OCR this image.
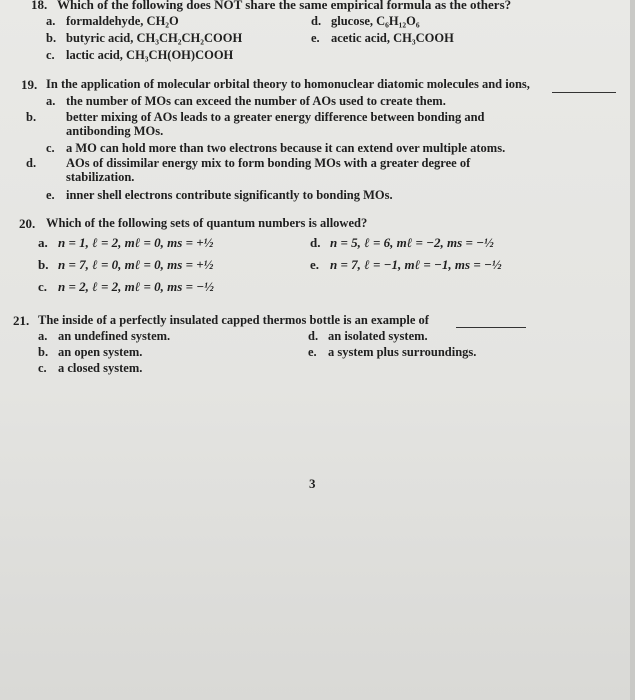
18. Which of the following does NOT share the same empirical formula as the others?
a. formaldehyde, CH₂O
b. butyric acid, CH₃CH₂CH₂COOH
c. lactic acid, CH₃CH(OH)COOH
d. glucose, C₆H₁₂O₆
e. acetic acid, CH₃COOH
19. In the application of molecular orbital theory to homonuclear diatomic molecules and ions,
a. the number of MOs can exceed the number of AOs used to create them.
b. better mixing of AOs leads to a greater energy difference between bonding and antibonding MOs.
c. a MO can hold more than two electrons because it can extend over multiple atoms.
d. AOs of dissimilar energy mix to form bonding MOs with a greater degree of stabilization.
e. inner shell electrons contribute significantly to bonding MOs.
20. Which of the following sets of quantum numbers is allowed?
a. n = 1, ℓ = 2, mℓ = 0, ms = +½
b. n = 7, ℓ = 0, mℓ = 0, ms = +½
c. n = 2, ℓ = 2, mℓ = 0, ms = −½
d. n = 5, ℓ = 6, mℓ = −2, ms = −½
e. n = 7, ℓ = −1, mℓ = −1, ms = −½
21. The inside of a perfectly insulated capped thermos bottle is an example of
a. an undefined system.
b. an open system.
c. a closed system.
d. an isolated system.
e. a system plus surroundings.
3
